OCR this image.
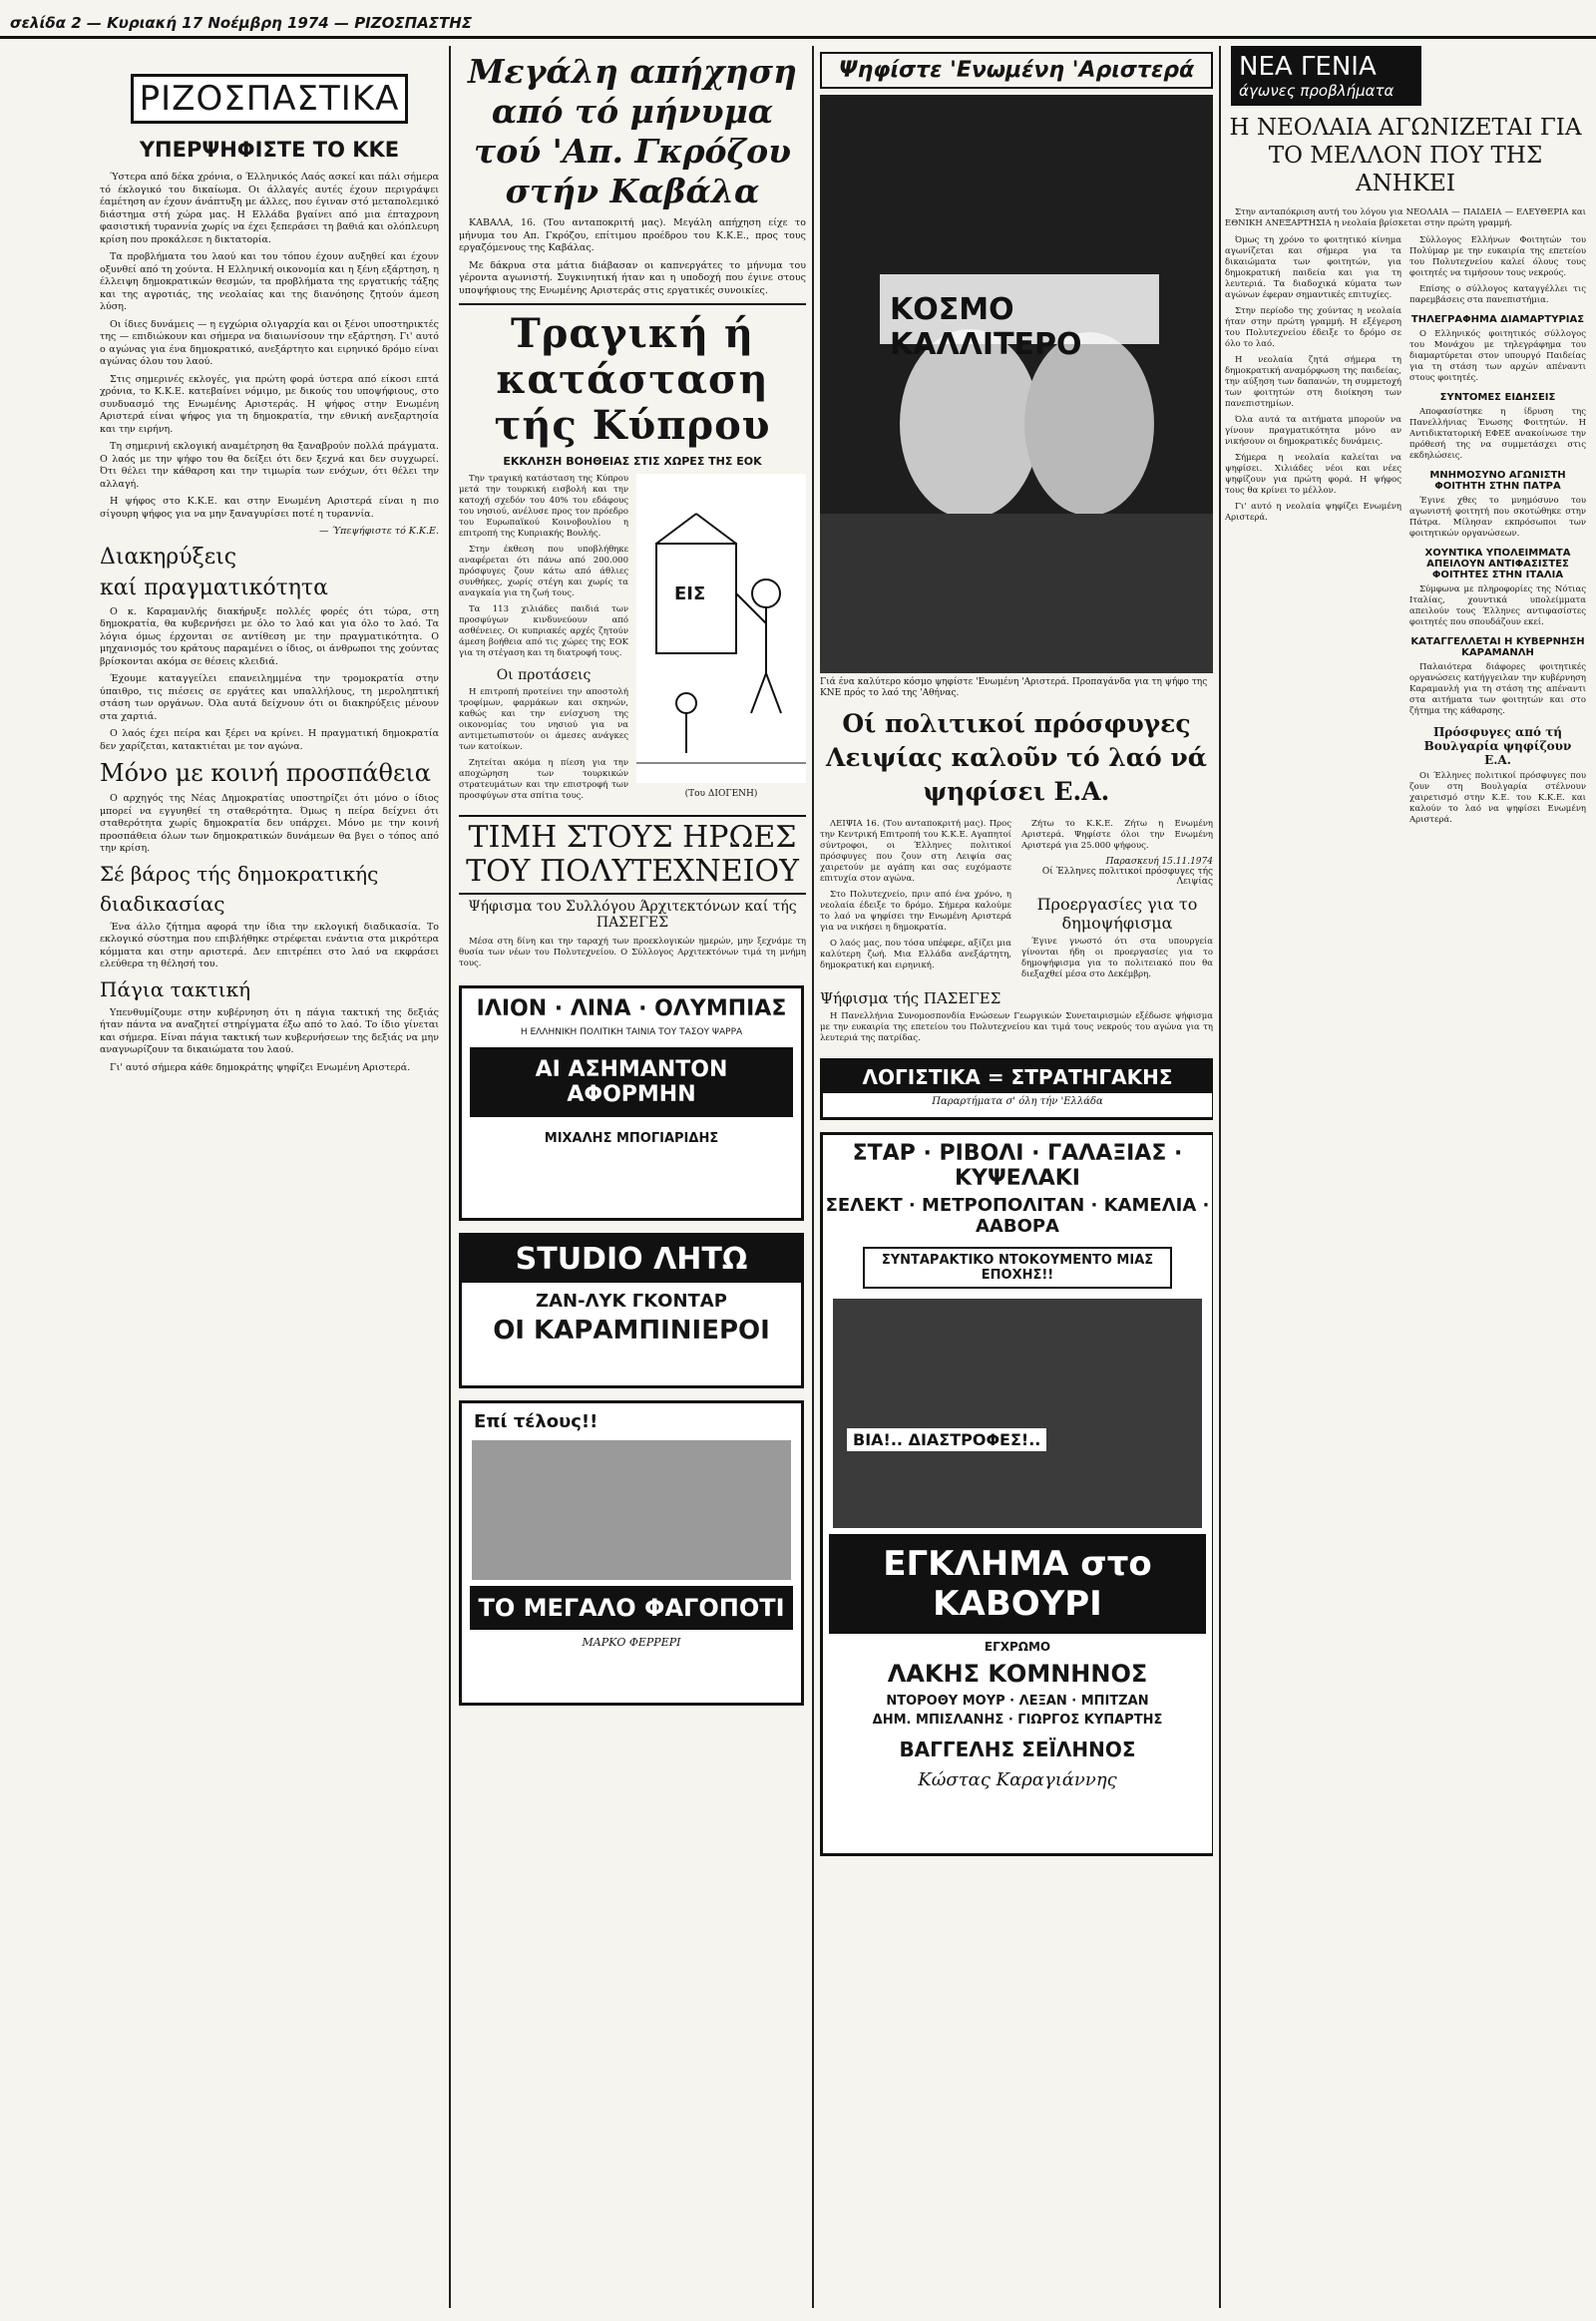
σελίδα 2 — Κυριακή 17 Νοέμβρη 1974 — ΡΙΖΟΣΠΑΣΤΗΣ
ΡΙΖΟΣΠΑΣΤΙΚΑ
ΥΠΕΡΨΗΦΙΣΤΕ ΤΟ ΚΚΕ

Ύστερα από δέκα χρόνια, ο Έλληνικός Λαός ασκεί και πάλι σήμερα τό έκλογικό του δικαίωμα. Οι άλλαγές αυτές έχουν περιγράψει έαμέτηση αν έχουν άνάπτυξη με άλλες, που έγιναν στό μεταπολεμικό διάστημα στή χώρα μας. Η Ελλάδα βγαίνει από μια έπταχρονη φασιστική τυραννία χωρίς να έχει ξεπεράσει τη βαθιά και ολόπλευρη κρίση που προκάλεσε η δικτατορία.

Τα προβλήματα του λαού και του τόπου έχουν αυξηθεί και έχουν οξυνθεί από τη χούντα. Η Ελληνική οικονομία και η ξένη εξάρτηση, η έλλειψη δημοκρατικών θεσμών, τα προβλήματα της εργατικής τάξης και της αγροτιάς, της νεολαίας και της διανόησης ζητούν άμεση λύση.

Οι ίδιες δυνάμεις — η εγχώρια ολιγαρχία και οι ξένοι υποστηρικτές της — επιδιώκουν και σήμερα να διαιωνίσουν την εξάρτηση. Γι' αυτό ο αγώνας για ένα δημοκρατικό, ανεξάρτητο και ειρηνικό δρόμο είναι αγώνας όλου του λαού.

Στις σημερινές εκλογές, για πρώτη φορά ύστερα από είκοσι επτά χρόνια, το Κ.Κ.Ε. κατεβαίνει νόμιμο, με δικούς του υποψήφιους, στο συνδυασμό της Ενωμένης Αριστεράς. Η ψήφος στην Ενωμένη Αριστερά είναι ψήφος για τη δημοκρατία, την εθνική ανεξαρτησία και την ειρήνη.

Τη σημερινή εκλογική αναμέτρηση θα ξαναβρούν πολλά πράγματα. Ο λαός με την ψήφο του θα δείξει ότι δεν ξεχνά και δεν συγχωρεί. Ότι θέλει την κάθαρση και την τιμωρία των ενόχων, ότι θέλει την αλλαγή.

Η ψήφος στο Κ.Κ.Ε. και στην Ενωμένη Αριστερά είναι η πιο σίγουρη ψήφος για να μην ξαναγυρίσει ποτέ η τυραννία.

— Ύπεψήφιστε τό Κ.Κ.Ε.

Διακηρύξεις
καί πραγματικότητα

Ο κ. Καραμανλής διακήρυξε πολλές φορές ότι τώρα, στη δημοκρατία, θα κυβερνήσει με όλο το λαό και για όλο το λαό. Τα λόγια όμως έρχονται σε αντίθεση με την πραγματικότητα. Ο μηχανισμός του κράτους παραμένει ο ίδιος, οι άνθρωποι της χούντας βρίσκονται ακόμα σε θέσεις κλειδιά.

Έχουμε καταγγείλει επανειλημμένα την τρομοκρατία στην ύπαιθρο, τις πιέσεις σε εργάτες και υπαλλήλους, τη μεροληπτική στάση των οργάνων. Όλα αυτά δείχνουν ότι οι διακηρύξεις μένουν στα χαρτιά.

Ο λαός έχει πείρα και ξέρει να κρίνει. Η πραγματική δημοκρατία δεν χαρίζεται, κατακτιέται με τον αγώνα.

Μόνο με κοινή προσπάθεια

Ο αρχηγός της Νέας Δημοκρατίας υποστηρίζει ότι μόνο ο ίδιος μπορεί να εγγυηθεί τη σταθερότητα. Όμως η πείρα δείχνει ότι σταθερότητα χωρίς δημοκρατία δεν υπάρχει. Μόνο με την κοινή προσπάθεια όλων των δημοκρατικών δυνάμεων θα βγει ο τόπος από την κρίση.

Σέ βάρος τής δημοκρατικής
διαδικασίας

Ένα άλλο ζήτημα αφορά την ίδια την εκλογική διαδικασία. Το εκλογικό σύστημα που επιβλήθηκε στρέφεται ενάντια στα μικρότερα κόμματα και στην αριστερά. Δεν επιτρέπει στο λαό να εκφράσει ελεύθερα τη θέλησή του.

Πάγια τακτική

Υπενθυμίζουμε στην κυβέρνηση ότι η πάγια τακτική της δεξιάς ήταν πάντα να αναζητεί στηρίγματα έξω από το λαό. Το ίδιο γίνεται και σήμερα. Είναι πάγια τακτική των κυβερνήσεων της δεξιάς να μην αναγνωρίζουν τα δικαιώματα του λαού.

Γι' αυτό σήμερα κάθε δημοκράτης ψηφίζει Ενωμένη Αριστερά.

Μεγάλη απήχηση από τό μήνυμα τού 'Απ. Γκρόζου στήν Καβάλα

ΚΑΒΑΛΑ, 16. (Του ανταποκριτή μας). Μεγάλη απήχηση είχε το μήνυμα του Απ. Γκρόζου, επίτιμου προέδρου του Κ.Κ.Ε., προς τους εργαζόμενους της Καβάλας.

Με δάκρυα στα μάτια διάβασαν οι καπνεργάτες το μήνυμα του γέροντα αγωνιστή. Συγκινητική ήταν και η υποδοχή που έγινε στους υποψήφιους της Ενωμένης Αριστεράς στις εργατικές συνοικίες.

Τραγική ή κατάσταση τής Κύπρου
ΕΚΚΛΗΣΗ ΒΟΗΘΕΙΑΣ ΣΤΙΣ ΧΩΡΕΣ ΤΗΣ ΕΟΚ

Την τραγική κατάσταση της Κύπρου μετά την τουρκική εισβολή και την κατοχή σχεδόν του 40% του εδάφους του νησιού, ανέλυσε προς τον πρόεδρο του Ευρωπαϊκού Κοινοβουλίου η επιτροπή της Κυπριακής Βουλής.

Στην έκθεση που υποβλήθηκε αναφέρεται ότι πάνω από 200.000 πρόσφυγες ζουν κάτω από άθλιες συνθήκες, χωρίς στέγη και χωρίς τα αναγκαία για τη ζωή τους.

Τα 113 χιλιάδες παιδιά των προσφύγων κινδυνεύουν από ασθένειες. Οι κυπριακές αρχές ζητούν άμεση βοήθεια από τις χώρες της ΕΟΚ για τη στέγαση και τη διατροφή τους.

Οι προτάσεις

Η επιτροπή προτείνει την αποστολή τροφίμων, φαρμάκων και σκηνών, καθώς και την ενίσχυση της οικονομίας του νησιού για να αντιμετωπιστούν οι άμεσες ανάγκες των κατοίκων.

Ζητείται ακόμα η πίεση για την αποχώρηση των τουρκικών στρατευμάτων και την επιστροφή των προσφύγων στα σπίτια τους.

ΕΙΣ
(Του ΔΙΟΓΕΝΗ)
ΤΙΜΗ ΣΤΟΥΣ ΗΡΩΕΣ ΤΟΥ ΠΟΛΥΤΕΧΝΕΙΟΥ
Ψήφισμα του Συλλόγου Άρχιτεκτόνων καί τής ΠΑΣΕΓΕΣ

Μέσα στη δίνη και την ταραχή των προεκλογικών ημερών, μην ξεχνάμε τη θυσία των νέων του Πολυτεχνείου. Ο Σύλλογος Αρχιτεκτόνων τιμά τη μνήμη τους.

ΙΛΙΟΝ · ΛΙΝΑ · ΟΛΥΜΠΙΑΣ
Η ΕΛΛΗΝΙΚΗ ΠΟΛΙΤΙΚΗ ΤΑΙΝΙΑ ΤΟΥ ΤΑΣΟΥ ΨΑΡΡΑ
ΑΙ ΑΣΗΜΑΝΤΟΝ ΑΦΟΡΜΗΝ
ΜΙΧΑΛΗΣ ΜΠΟΓΙΑΡΙΔΗΣ
STUDIO ΛΗΤΩ
ΖΑΝ-ΛΥΚ ΓΚΟΝΤΑΡ
ΟΙ ΚΑΡΑΜΠΙΝΙΕΡΟΙ
Επί τέλους!!
ΤΟ ΜΕΓΑΛΟ ΦΑΓΟΠΟΤΙ
ΜΑΡΚΟ ΦΕΡΡΕΡΙ
Ψηφίστε 'Ενωμένη 'Αριστερά
ΚΟΣΜΟ ΚΑΛΛΙΤΕΡΟ
Γιά ένα καλύτερο κόσμο ψηφίστε 'Ενωμένη 'Αριστερά. Προπαγάνδα για τη ψήφο της ΚΝΕ πρός το λαό της 'Αθήνας.
Οί πολιτικοί πρόσφυγες Λειψίας καλοῦν τό λαό νά ψηφίσει Ε.Α.

ΛΕΙΨΙΑ 16. (Του ανταποκριτή μας). Προς την Κεντρική Επιτροπή του Κ.Κ.Ε. Αγαπητοί σύντροφοι, οι Έλληνες πολιτικοί πρόσφυγες που ζουν στη Λειψία σας χαιρετούν με αγάπη και σας ευχόμαστε επιτυχία στον αγώνα.

Στο Πολυτεχνείο, πριν από ένα χρόνο, η νεολαία έδειξε το δρόμο. Σήμερα καλούμε το λαό να ψηφίσει την Ενωμένη Αριστερά για να νικήσει η δημοκρατία.

Ο λαός μας, που τόσα υπέφερε, αξίζει μια καλύτερη ζωή. Μια Ελλάδα ανεξάρτητη, δημοκρατική και ειρηνική.

Ζήτω το Κ.Κ.Ε. Ζήτω η Ενωμένη Αριστερά. Ψηφίστε όλοι την Ενωμένη Αριστερά για 25.000 ψήφους.

Παρασκευή 15.11.1974
Οί Έλληνες πολιτικοί πρόσφυγες τής Λειψίας
Προεργασίες για το δημοψήφισμα

Έγινε γνωστό ότι στα υπουργεία γίνονται ήδη οι προεργασίες για το δημοψήφισμα για το πολιτειακό που θα διεξαχθεί μέσα στο Δεκέμβρη.

Ψήφισμα τής ΠΑΣΕΓΕΣ

Η Πανελλήνια Συνομοσπονδία Ενώσεων Γεωργικών Συνεταιρισμών εξέδωσε ψήφισμα με την ευκαιρία της επετείου του Πολυτεχνείου και τιμά τους νεκρούς του αγώνα για τη λευτεριά της πατρίδας.

ΛΟΓΙΣΤΙΚΑ = ΣΤΡΑΤΗΓΑΚΗΣ
Παραρτήματα σ' όλη τήν 'Ελλάδα
ΣΤΑΡ · ΡΙΒΟΛΙ · ΓΑΛΑΞΙΑΣ · ΚΥΨΕΛΑΚΙ
ΣΕΛΕΚΤ · ΜΕΤΡΟΠΟΛΙΤΑΝ · ΚΑΜΕΛΙΑ · ΑΑΒΟΡΑ
ΣΥΝΤΑΡΑΚΤΙΚΟ ΝΤΟΚΟΥΜΕΝΤΟ ΜΙΑΣ ΕΠΟΧΗΣ!!
ΒΙΑ!.. ΔΙΑΣΤΡΟΦΕΣ!..
ΕΓΚΛΗΜΑ στο ΚΑΒΟΥΡΙ
ΕΓΧΡΩΜΟ
ΛΑΚΗΣ ΚΟΜΝΗΝΟΣ
ΝΤΟΡΟΘΥ ΜΟΥΡ · ΛΕΞΑΝ · ΜΠΙΤΖΑΝ
ΔΗΜ. ΜΠΙΣΛΑΝΗΣ · ΓΙΩΡΓΟΣ ΚΥΠΑΡΤΗΣ
ΒΑΓΓΕΛΗΣ ΣΕΪΛΗΝΟΣ
Κώστας Καραγιάννης
ΝΕΑ ΓΕΝΙΑ
άγωνες προβλήματα
Η ΝΕΟΛΑΙΑ ΑΓΩΝΙΖΕΤΑΙ ΓΙΑ ΤΟ ΜΕΛΛΟΝ ΠΟΥ ΤΗΣ ΑΝΗΚΕΙ

Στην ανταπόκριση αυτή του λόγου για ΝΕΟΛΑΙΑ — ΠΑΙΔΕΙΑ — ΕΛΕΥΘΕΡΙΑ και ΕΘΝΙΚΗ ΑΝΕΞΑΡΤΗΣΙΑ η νεολαία βρίσκεται στην πρώτη γραμμή.

Όμως τη χρόνο το φοιτητικό κίνημα αγωνίζεται και σήμερα για τα δικαιώματα των φοιτητών, για δημοκρατική παιδεία και για τη λευτεριά. Τα διαδοχικά κύματα των αγώνων έφεραν σημαντικές επιτυχίες.

Στην περίοδο της χούντας η νεολαία ήταν στην πρώτη γραμμή. Η εξέγερση του Πολυτεχνείου έδειξε το δρόμο σε όλο το λαό.

Η νεολαία ζητά σήμερα τη δημοκρατική αναμόρφωση της παιδείας, την αύξηση των δαπανών, τη συμμετοχή των φοιτητών στη διοίκηση των πανεπιστημίων.

Όλα αυτά τα αιτήματα μπορούν να γίνουν πραγματικότητα μόνο αν νικήσουν οι δημοκρατικές δυνάμεις.

Σήμερα η νεολαία καλείται να ψηφίσει. Χιλιάδες νέοι και νέες ψηφίζουν για πρώτη φορά. Η ψήφος τους θα κρίνει το μέλλον.

Γι' αυτό η νεολαία ψηφίζει Ενωμένη Αριστερά.

Σύλλογος Ελλήνων Φοιτητών του Πολύμαρ με την ευκαιρία της επετείου του Πολυτεχνείου καλεί όλους τους φοιτητές να τιμήσουν τους νεκρούς.

Επίσης ο σύλλογος καταγγέλλει τις παρεμβάσεις στα πανεπιστήμια.

ΤΗΛΕΓΡΑΦΗΜΑ ΔΙΑΜΑΡΤΥΡΙΑΣ

Ο Ελληνικός φοιτητικός σύλλογος του Μονάχου με τηλεγράφημα του διαμαρτύρεται στον υπουργό Παιδείας για τη στάση των αρχών απέναντι στους φοιτητές.

ΣΥΝΤΟΜΕΣ ΕΙΔΗΣΕΙΣ

Αποφασίστηκε η ίδρυση της Πανελλήνιας Ένωσης Φοιτητών. Η Αντιδικτατορική ΕΦΕΕ ανακοίνωσε την πρόθεσή της να συμμετάσχει στις εκδηλώσεις.

ΜΝΗΜΟΣΥΝΟ ΑΓΩΝΙΣΤΗ ΦΟΙΤΗΤΗ ΣΤΗΝ ΠΑΤΡΑ

Έγινε χθες το μνημόσυνο του αγωνιστή φοιτητή που σκοτώθηκε στην Πάτρα. Μίλησαν εκπρόσωποι των φοιτητικών οργανώσεων.

ΧΟΥΝΤΙΚΑ ΥΠΟΛΕΙΜΜΑΤΑ ΑΠΕΙΛΟΥΝ ΑΝΤΙΦΑΣΙΣΤΕΣ ΦΟΙΤΗΤΕΣ ΣΤΗΝ ΙΤΑΛΙΑ

Σύμφωνα με πληροφορίες της Νότιας Ιταλίας, χουντικά υπολείμματα απειλούν τους Έλληνες αντιφασίστες φοιτητές που σπουδάζουν εκεί.

ΚΑΤΑΓΓΕΛΛΕΤΑΙ Η ΚΥΒΕΡΝΗΣΗ ΚΑΡΑΜΑΝΛΗ

Παλαιότερα διάφορες φοιτητικές οργανώσεις κατήγγειλαν την κυβέρνηση Καραμανλή για τη στάση της απέναντι στα αιτήματα των φοιτητών και στο ζήτημα της κάθαρσης.

Πρόσφυγες από τή Βουλγαρία ψηφίζουν Ε.Α.

Οι Έλληνες πολιτικοί πρόσφυγες που ζουν στη Βουλγαρία στέλνουν χαιρετισμό στην Κ.Ε. του Κ.Κ.Ε. και καλούν το λαό να ψηφίσει Ενωμένη Αριστερά.
